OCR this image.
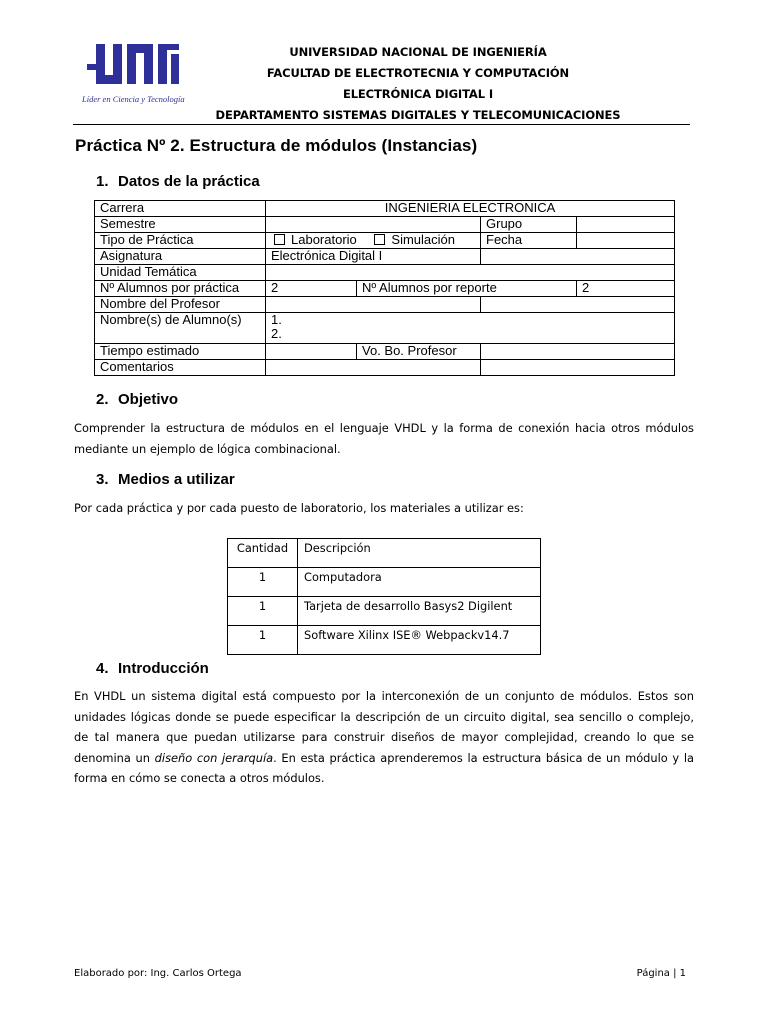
Líder en Ciencia y Tecnología
UNIVERSIDAD NACIONAL DE INGENIERÍA
FACULTAD DE ELECTROTECNIA Y COMPUTACIÓN
ELECTRÓNICA DIGITAL I
DEPARTAMENTO SISTEMAS DIGITALES Y TELECOMUNICACIONES
Práctica Nº 2. Estructura de módulos (Instancias)
1. Datos de la práctica
Carrera	INGENIERIA ELECTRONICA			
Semestre			Grupo	
Tipo de Práctica	Laboratorio Simulación		Fecha	
Asignatura	Electrónica Digital I			
Unidad Temática				
Nº Alumnos por práctica	2	Nº Alumnos por reporte		2
Nombre del Profesor				
Nombre(s) de Alumno(s)	1.
2.			

Tiempo estimado		Vo. Bo. Profesor		
Comentarios				
2. Objetivo

Comprender la estructura de módulos en el lenguaje VHDL y la forma de conexión hacia otros módulos mediante un ejemplo de lógica combinacional.

3. Medios a utilizar

Por cada práctica y por cada puesto de laboratorio, los materiales a utilizar es:

Cantidad	Descripción
1	Computadora
1	Tarjeta de desarrollo Basys2 Digilent
1	Software Xilinx ISE® Webpackv14.7
4. Introducción

En VHDL un sistema digital está compuesto por la interconexión de un conjunto de módulos. Estos son unidades lógicas donde se puede especificar la descripción de un circuito digital, sea sencillo o complejo, de tal manera que puedan utilizarse para construir diseños de mayor complejidad, creando lo que se denomina un diseño con jerarquía. En esta práctica aprenderemos la estructura básica de un módulo y la forma en cómo se conecta a otros módulos.

Elaborado por: Ing. Carlos Ortega	Página | 1
